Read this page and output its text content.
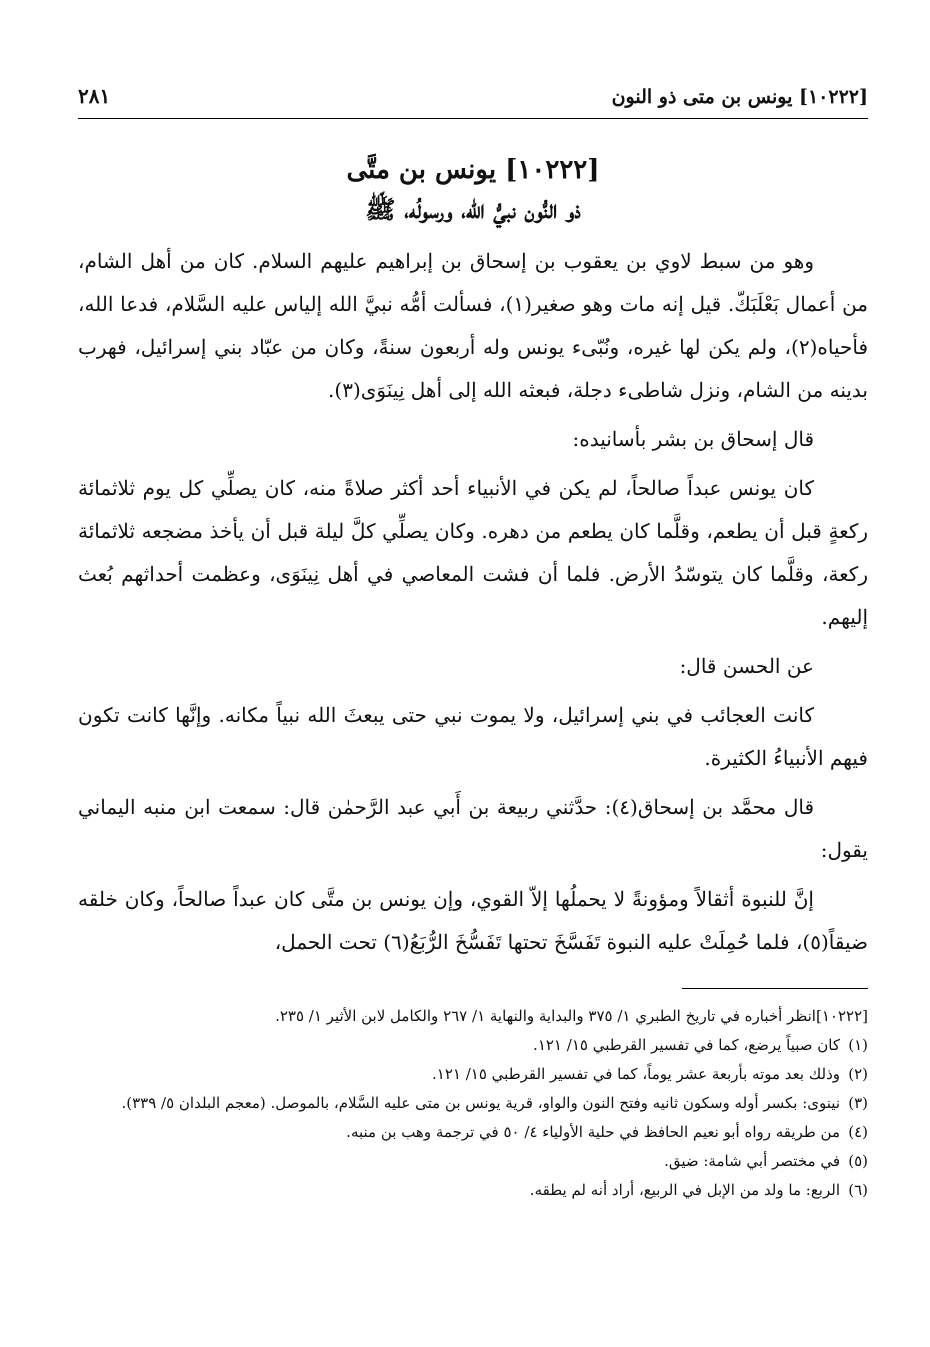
[١٠٢٢٢] يونس بن متى ذو النون
٢٨١
[١٠٢٢٢] يونس بن متَّى
ذو النُّون نبيُّ الله، ورسولُه، ﷺ

وهو من سبط لاوي بن يعقوب بن إسحاق بن إبراهيم عليهم السلام. كان من أهل الشام، من أعمال بَعْلَبَكّ. قيل إنه مات وهو صغير(١)، فسألت أمُّه نبيَّ الله إلياس عليه السَّلام، فدعا الله، فأحياه(٢)، ولم يكن لها غيره، ونُبّىء يونس وله أربعون سنةً، وكان من عبّاد بني إسرائيل، فهرب بدينه من الشام، ونزل شاطىء دجلة، فبعثه الله إلى أهل نِينَوَى(٣).

قال إسحاق بن بشر بأسانيده:

كان يونس عبداً صالحاً، لم يكن في الأنبياء أحد أكثر صلاةً منه، كان يصلِّي كل يوم ثلاثمائة ركعةٍ قبل أن يطعم، وقلَّما كان يطعم من دهره. وكان يصلِّي كلَّ ليلة قبل أن يأخذ مضجعه ثلاثمائة ركعة، وقلَّما كان يتوسّدُ الأرض. فلما أن فشت المعاصي في أهل نِينَوَى، وعظمت أحداثهم بُعث إليهم.

عن الحسن قال:

كانت العجائب في بني إسرائيل، ولا يموت نبي حتى يبعثَ الله نبياً مكانه. وإنَّها كانت تكون فيهم الأنبياءُ الكثيرة.

قال محمَّد بن إسحاق(٤): حدَّثني ربيعة بن أَبي عبد الرَّحمٰن قال: سمعت ابن منبه اليماني يقول:

إنَّ للنبوة أثقالاً ومؤونةً لا يحملُها إلاّ القوي، وإن يونس بن متَّى كان عبداً صالحاً، وكان خلقه ضيقاً(٥)، فلما حُمِلَتْ عليه النبوة تَفَسَّخَ تحتها تَفَسُّخَ الرُّبَعُ(٦) تحت الحمل،

[١٠٢٢٢]
انظر أخباره في تاريخ الطبري ١/ ٣٧٥ والبداية والنهاية ١/ ٢٦٧ والكامل لابن الأثير ١/ ٢٣٥.
(١)
كان صبياً يرضع، كما في تفسير القرطبي ١٥/ ١٢١.
(٢)
وذلك بعد موته بأربعة عشر يوماً، كما في تفسير القرطبي ١٥/ ١٢١.
(٣)
نينوى: بكسر أوله وسكون ثانيه وفتح النون والواو، قرية يونس بن متى عليه السَّلام، بالموصل. (معجم البلدان ٥/ ٣٣٩).
(٤)
من طريقه رواه أبو نعيم الحافظ في حلية الأولياء ٤/ ٥٠ في ترجمة وهب بن منبه.
(٥)
في مختصر أبي شامة: ضيق.
(٦)
الربع: ما ولد من الإبل في الربيع، أراد أنه لم يطقه.
